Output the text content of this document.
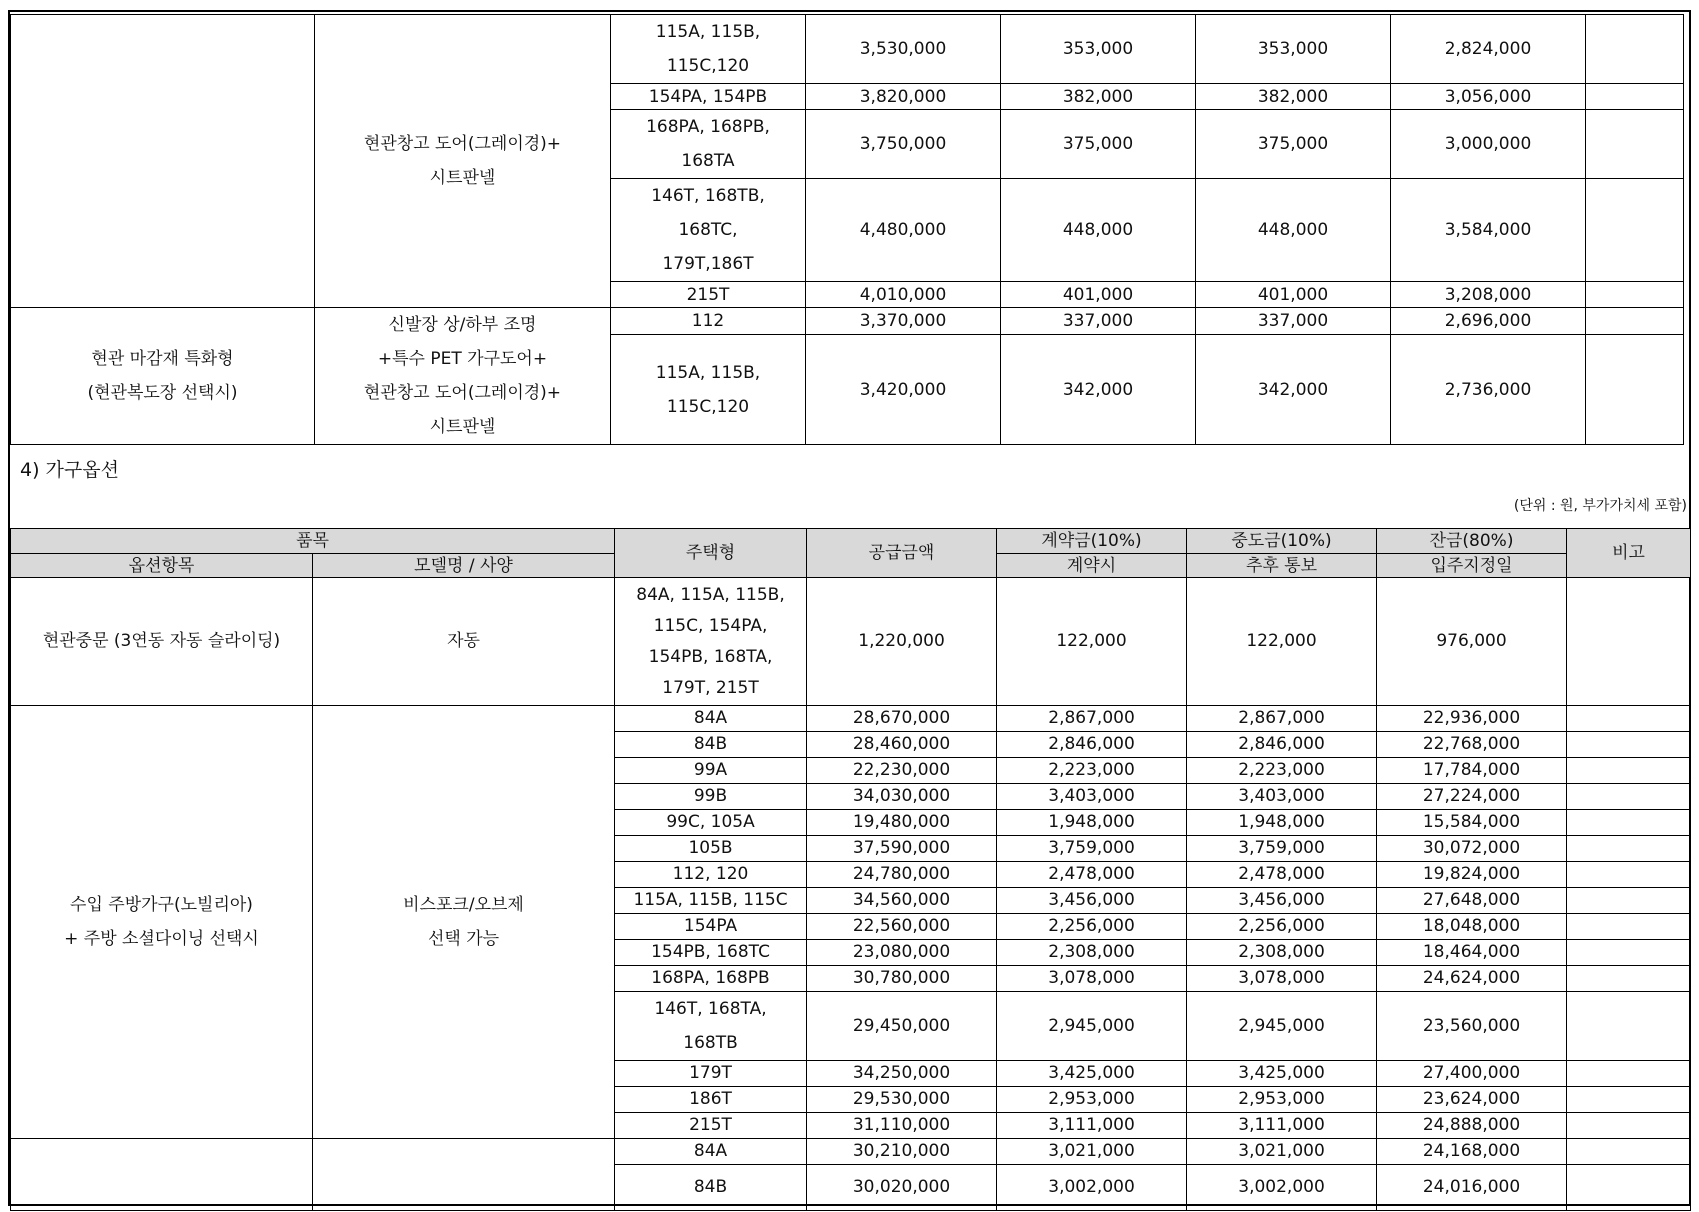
	현관창고 도어(그레이경)+
시트판넬	115A, 115B,
115C,120	3,530,000	353,000	353,000	2,824,000	
		154PA, 154PB	3,820,000	382,000	382,000	3,056,000	
		168PA, 168PB,
168TA	3,750,000	375,000	375,000	3,000,000	
		146T, 168TB,
168TC,
179T,186T	4,480,000	448,000	448,000	3,584,000	
		215T	4,010,000	401,000	401,000	3,208,000	
현관 마감재 특화형
(현관복도장 선택시)	신발장 상/하부 조명
+특수 PET 가구도어+
현관창고 도어(그레이경)+
시트판넬	112	3,370,000	337,000	337,000	2,696,000	
		115A, 115B,
115C,120	3,420,000	342,000	342,000	2,736,000	
4) 가구옵션
(단위 : 원, 부가가치세 포함)
품목		주택형	공급금액	계약금(10%)	중도금(10%)	잔금(80%)	비고
옵션항목	모델명 / 사양			계약시	추후 통보	입주지정일	
현관중문 (3연동 자동 슬라이딩)	자동	84A, 115A, 115B,
115C, 154PA,
154PB, 168TA,
179T, 215T	1,220,000	122,000	122,000	976,000	
수입 주방가구(노빌리아)
+ 주방 소셜다이닝 선택시	비스포크/오브제
선택 가능	84A	28,670,000	2,867,000	2,867,000	22,936,000	
		84B	28,460,000	2,846,000	2,846,000	22,768,000	
		99A	22,230,000	2,223,000	2,223,000	17,784,000	
		99B	34,030,000	3,403,000	3,403,000	27,224,000	
		99C, 105A	19,480,000	1,948,000	1,948,000	15,584,000	
		105B	37,590,000	3,759,000	3,759,000	30,072,000	
		112, 120	24,780,000	2,478,000	2,478,000	19,824,000	
		115A, 115B, 115C	34,560,000	3,456,000	3,456,000	27,648,000	
		154PA	22,560,000	2,256,000	2,256,000	18,048,000	
		154PB, 168TC	23,080,000	2,308,000	2,308,000	18,464,000	
		168PA, 168PB	30,780,000	3,078,000	3,078,000	24,624,000	
		146T, 168TA,
168TB	29,450,000	2,945,000	2,945,000	23,560,000	
		179T	34,250,000	3,425,000	3,425,000	27,400,000	
		186T	29,530,000	2,953,000	2,953,000	23,624,000	
		215T	31,110,000	3,111,000	3,111,000	24,888,000	
		84A	30,210,000	3,021,000	3,021,000	24,168,000	
		84B	30,020,000	3,002,000	3,002,000	24,016,000	
